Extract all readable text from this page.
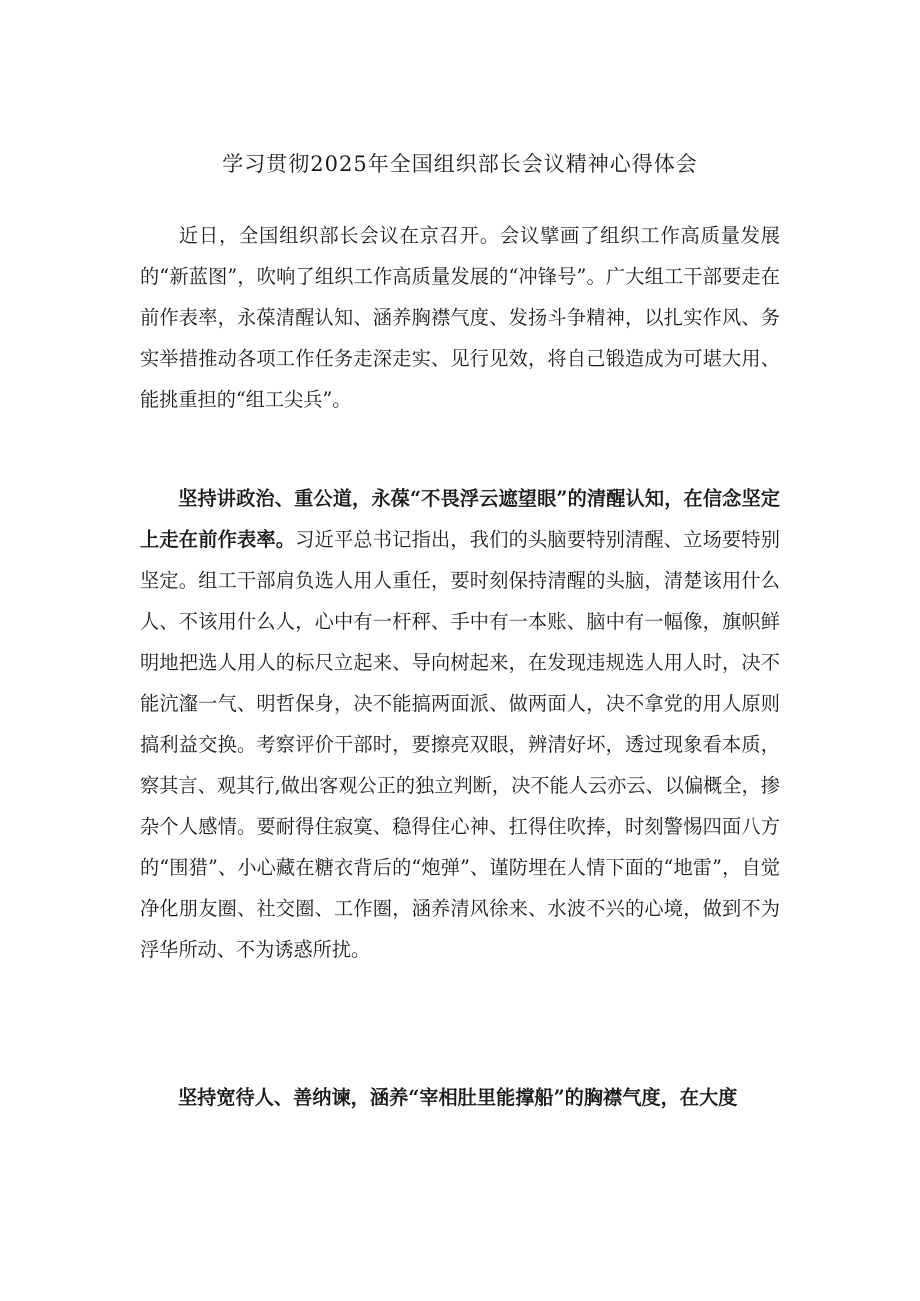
学习贯彻2025年全国组织部长会议精神心得体会

近日，全国组织部长会议在京召开。会议擘画了组织工作高质量发展的“新蓝图”，吹响了组织工作高质量发展的“冲锋号”。广大组工干部要走在前作表率，永葆清醒认知、涵养胸襟气度、发扬斗争精神，以扎实作风、务实举措推动各项工作任务走深走实、见行见效，将自己锻造成为可堪大用、能挑重担的“组工尖兵”。

坚持讲政治、重公道，永葆“不畏浮云遮望眼”的清醒认知，在信念坚定上走在前作表率。习近平总书记指出，我们的头脑要特别清醒、立场要特别坚定。组工干部肩负选人用人重任，要时刻保持清醒的头脑，清楚该用什么人、不该用什么人，心中有一杆秤、手中有一本账、脑中有一幅像，旗帜鲜明地把选人用人的标尺立起来、导向树起来，在发现违规选人用人时，决不能沆瀣一气、明哲保身，决不能搞两面派、做两面人，决不拿党的用人原则搞利益交换。考察评价干部时，要擦亮双眼，辨清好坏，透过现象看本质，察其言、观其行,做出客观公正的独立判断，决不能人云亦云、以偏概全，掺杂个人感情。要耐得住寂寞、稳得住心神、扛得住吹捧，时刻警惕四面八方的“围猎”、小心藏在糖衣背后的“炮弹”、谨防埋在人情下面的“地雷”，自觉净化朋友圈、社交圈、工作圈，涵养清风徐来、水波不兴的心境，做到不为浮华所动、不为诱惑所扰。

坚持宽待人、善纳谏，涵养“宰相肚里能撑船”的胸襟气度，在大度
